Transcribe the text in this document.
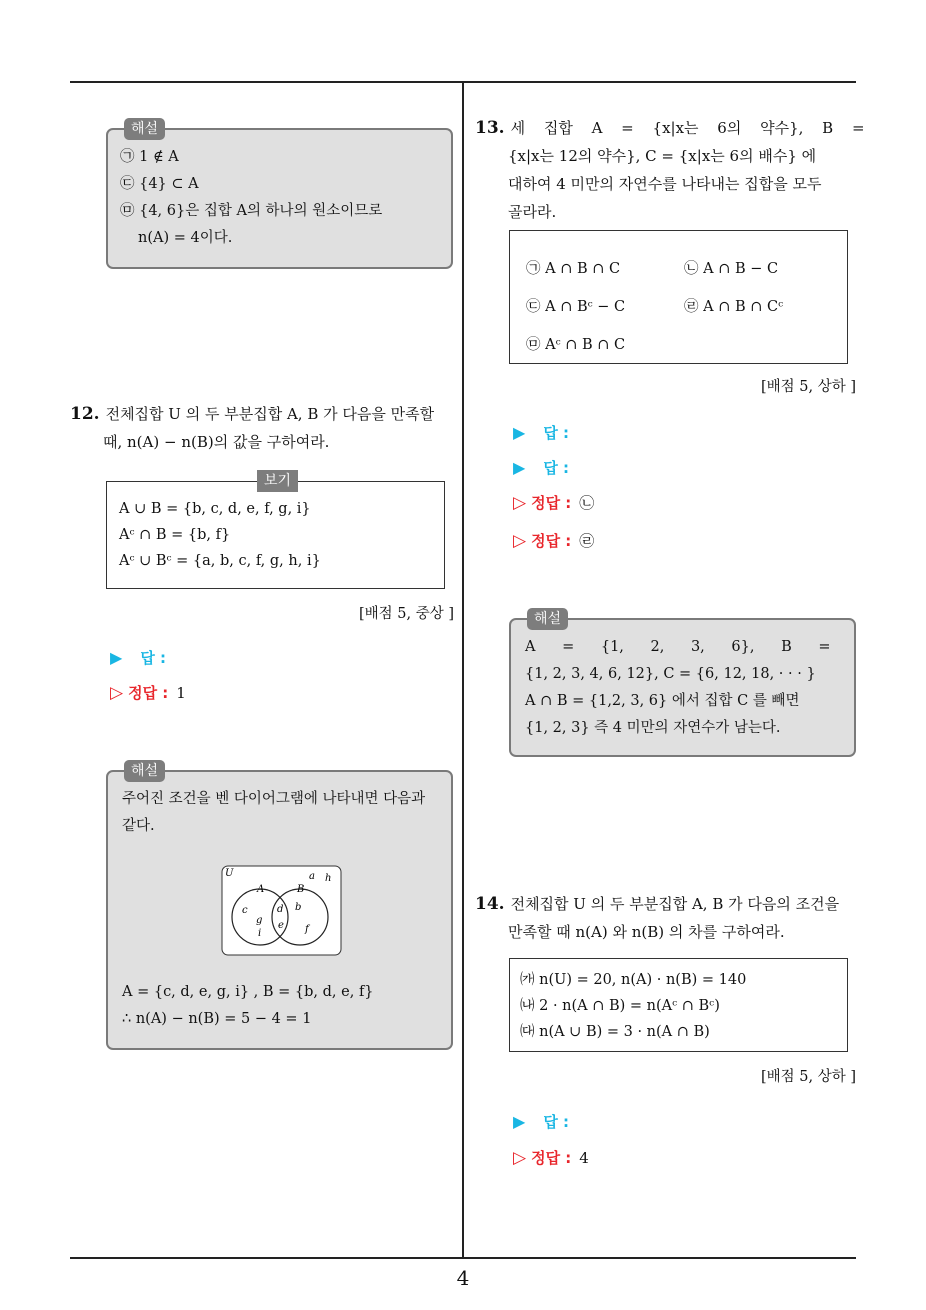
해설
㉠ 1 ∉ A
㉢ {4} ⊂ A
㉤ {4, 6}은 집합 A의 하나의 원소이므로
n(A) = 4이다.
12. 전체집합 U 의 두 부분집합 A, B 가 다음을 만족할
때, n(A) − n(B)의 값을 구하여라.
보기
A ∪ B = {b, c, d, e, f, g, i}
Aᶜ ∩ B = {b, f}
Aᶜ ∪ Bᶜ = {a, b, c, f, g, h, i}
[배점 5, 중상 ]
▶ 답 :
▷ 정답 : 1
해설
주어진 조건을 벤 다이어그램에 나타내면 다음과
같다.
U
A	B
a h
c
g
i
d
e
b
f
A = {c, d, e, g, i} , B = {b, d, e, f}
∴ n(A) − n(B) = 5 − 4 = 1
13. 세 집합 A = {x|x는 6의 약수}, B =
{x|x는 12의 약수}, C = {x|x는 6의 배수} 에
대하여 4 미만의 자연수를 나타내는 집합을 모두
골라라.
㉠ A ∩ B ∩ C	㉡ A ∩ B − C
㉢ A ∩ Bᶜ − C	㉣ A ∩ B ∩ Cᶜ
㉤ Aᶜ ∩ B ∩ C
[배점 5, 상하 ]
▶ 답 :
▶ 답 :
▷ 정답 : ㉡
▷ 정답 : ㉣
해설
A = {1, 2, 3, 6}, B =
{1, 2, 3, 4, 6, 12}, C = {6, 12, 18, · · · }
A ∩ B = {1,2, 3, 6} 에서 집합 C 를 빼면
{1, 2, 3} 즉 4 미만의 자연수가 남는다.
14. 전체집합 U 의 두 부분집합 A, B 가 다음의 조건을
만족할 때 n(A) 와 n(B) 의 차를 구하여라.
㈎ n(U) = 20, n(A) · n(B) = 140
㈏ 2 · n(A ∩ B) = n(Aᶜ ∩ Bᶜ)
㈐ n(A ∪ B) = 3 · n(A ∩ B)
[배점 5, 상하 ]
▶ 답 :
▷ 정답 : 4
4
